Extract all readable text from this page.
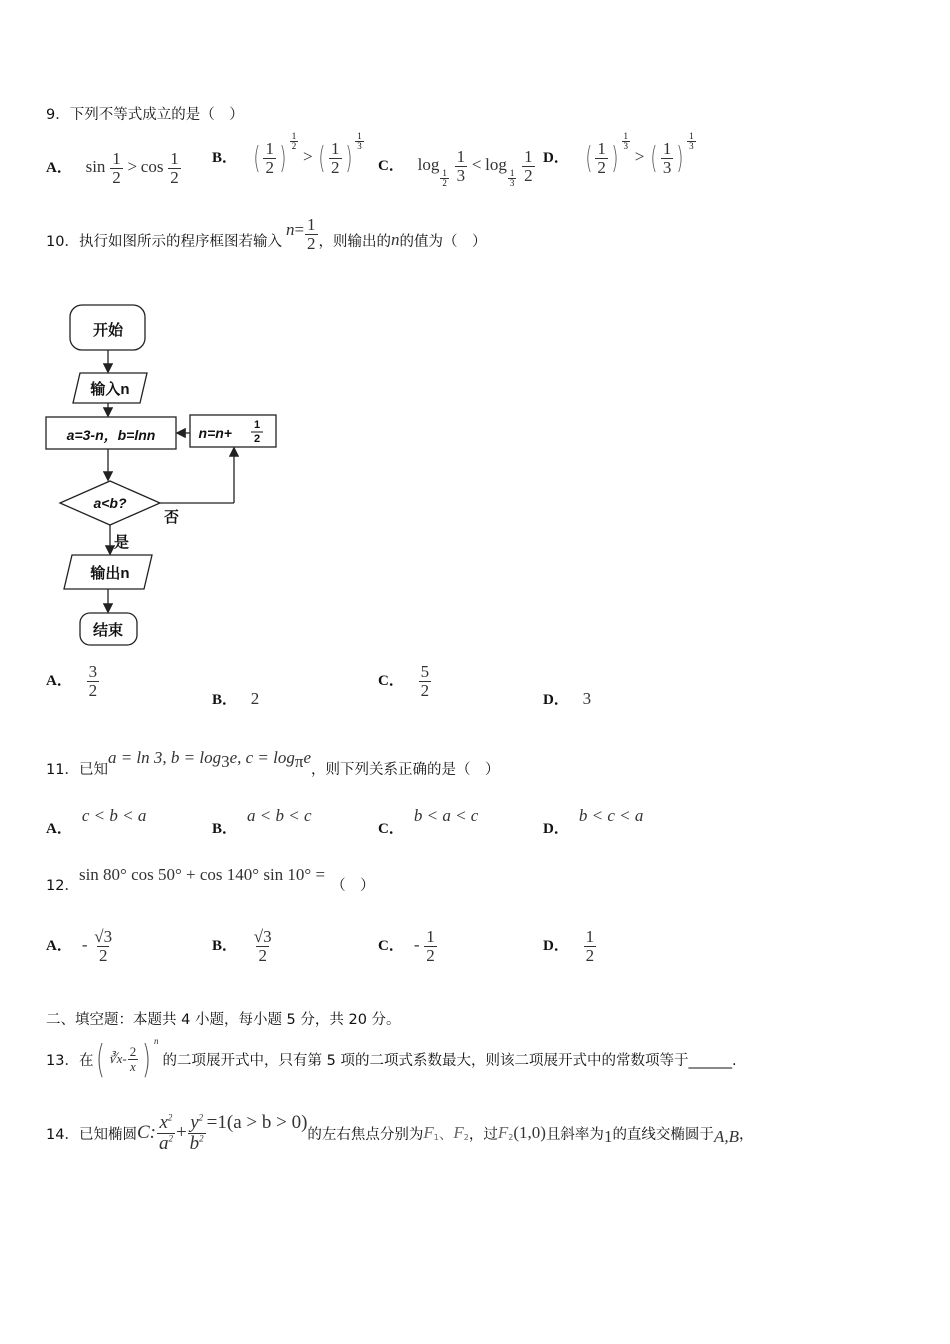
9．下列不等式成立的是（　）
A． $\sin \frac{1}{2} > \cos \frac{1}{2}$ B． ( $\frac{1}{2}$ ) $\frac{1}{2}$
> ( $\frac{1}{2}$ ) $\frac{1}{3}$
C． log
$\frac{1}{2}$
$\frac{1}{3} < \log$
$\frac{1}{3}$
$\frac{1}{2}$ D． ( $\frac{1}{2}$ ) $\frac{1}{3}$
> ( $\frac{1}{3}$ ) $\frac{1}{3}$
10．执行如图所示的程序框图若输入
$n = \frac{1}{2}$ ，则输出的 n 的值为（　）
开始
输入n
a=3-n，b=lnn	n=n+ 1
2
a<b?
否
是
输出n
结束
A． $\frac{3}{2}$
B． 2
C． $\frac{5}{2}$
D． 3
11．已知
a = ln 3, b = log 3 e, c = log π e
，则下列关系正确的是（　）
A．c < b < a
B．a < b < c
C．b < a < c
D．b < c < a
12．
sin 80° cos 50° + cos 140° sin 10° =
（　）
A． - $\frac{√3}{2}$	B． $\frac{√3}{2}$	C． - $\frac{1}{2}$	D． $\frac{1}{2}$
二、填空题：本题共 4 小题，每小题 5 分，共 20 分。
13．在 ( ∛x - $\frac{2}{x}$ ) n
的二项展开式中，只有第 5 项的二项式系数最大，则该二项展开式中的常数项等于______.
14．已知椭圆 C: $\frac{x^2}{a^2} + \frac{y^2}{b^2} =1(a > b > 0)$
的左右焦点分别为 F 1 、 F 2 ，过 F 2 (1,0) 且斜率为 1 的直线交椭圆于 A,B ，
